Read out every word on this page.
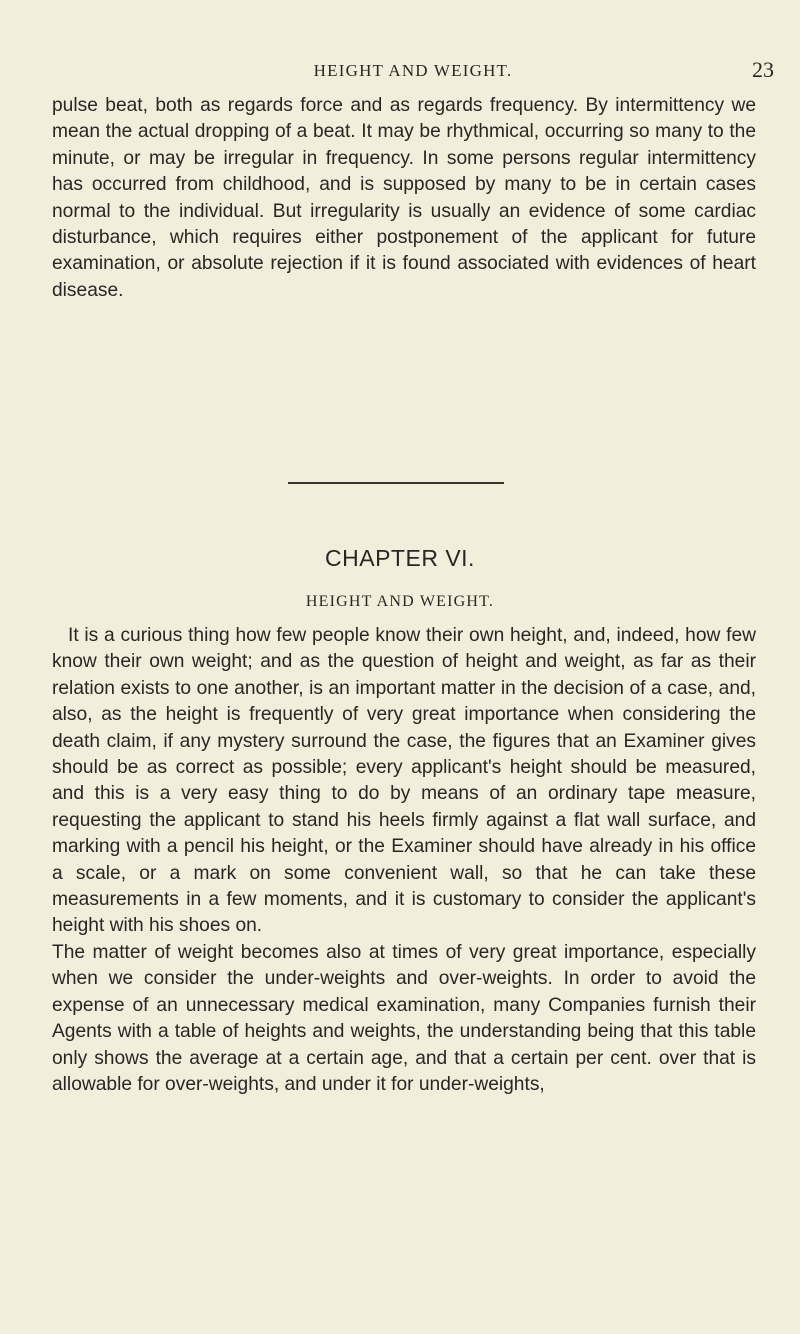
HEIGHT AND WEIGHT.	23

pulse beat, both as regards force and as regards frequency. By intermittency we mean the actual dropping of a beat. It may be rhythmical, occurring so many to the minute, or may be irregular in frequency. In some persons regular intermittency has occurred from childhood, and is supposed by many to be in certain cases normal to the individual. But irregularity is usually an evidence of some cardiac disturbance, which requires either postponement of the applicant for future examination, or absolute rejection if it is found associated with evidences of heart disease.

CHAPTER VI.
HEIGHT AND WEIGHT.

It is a curious thing how few people know their own height, and, indeed, how few know their own weight; and as the question of height and weight, as far as their relation exists to one another, is an important matter in the decision of a case, and, also, as the height is frequently of very great importance when considering the death claim, if any mystery surround the case, the figures that an Examiner gives should be as correct as possible; every applicant's height should be measured, and this is a very easy thing to do by means of an ordinary tape measure, requesting the applicant to stand his heels firmly against a flat wall surface, and marking with a pencil his height, or the Examiner should have already in his office a scale, or a mark on some convenient wall, so that he can take these measurements in a few moments, and it is customary to consider the applicant's height with his shoes on.

The matter of weight becomes also at times of very great importance, especially when we consider the under-weights and over-weights. In order to avoid the expense of an unnecessary medical examination, many Companies furnish their Agents with a table of heights and weights, the understanding being that this table only shows the average at a certain age, and that a certain per cent. over that is allowable for over-weights, and under it for under-weights,
